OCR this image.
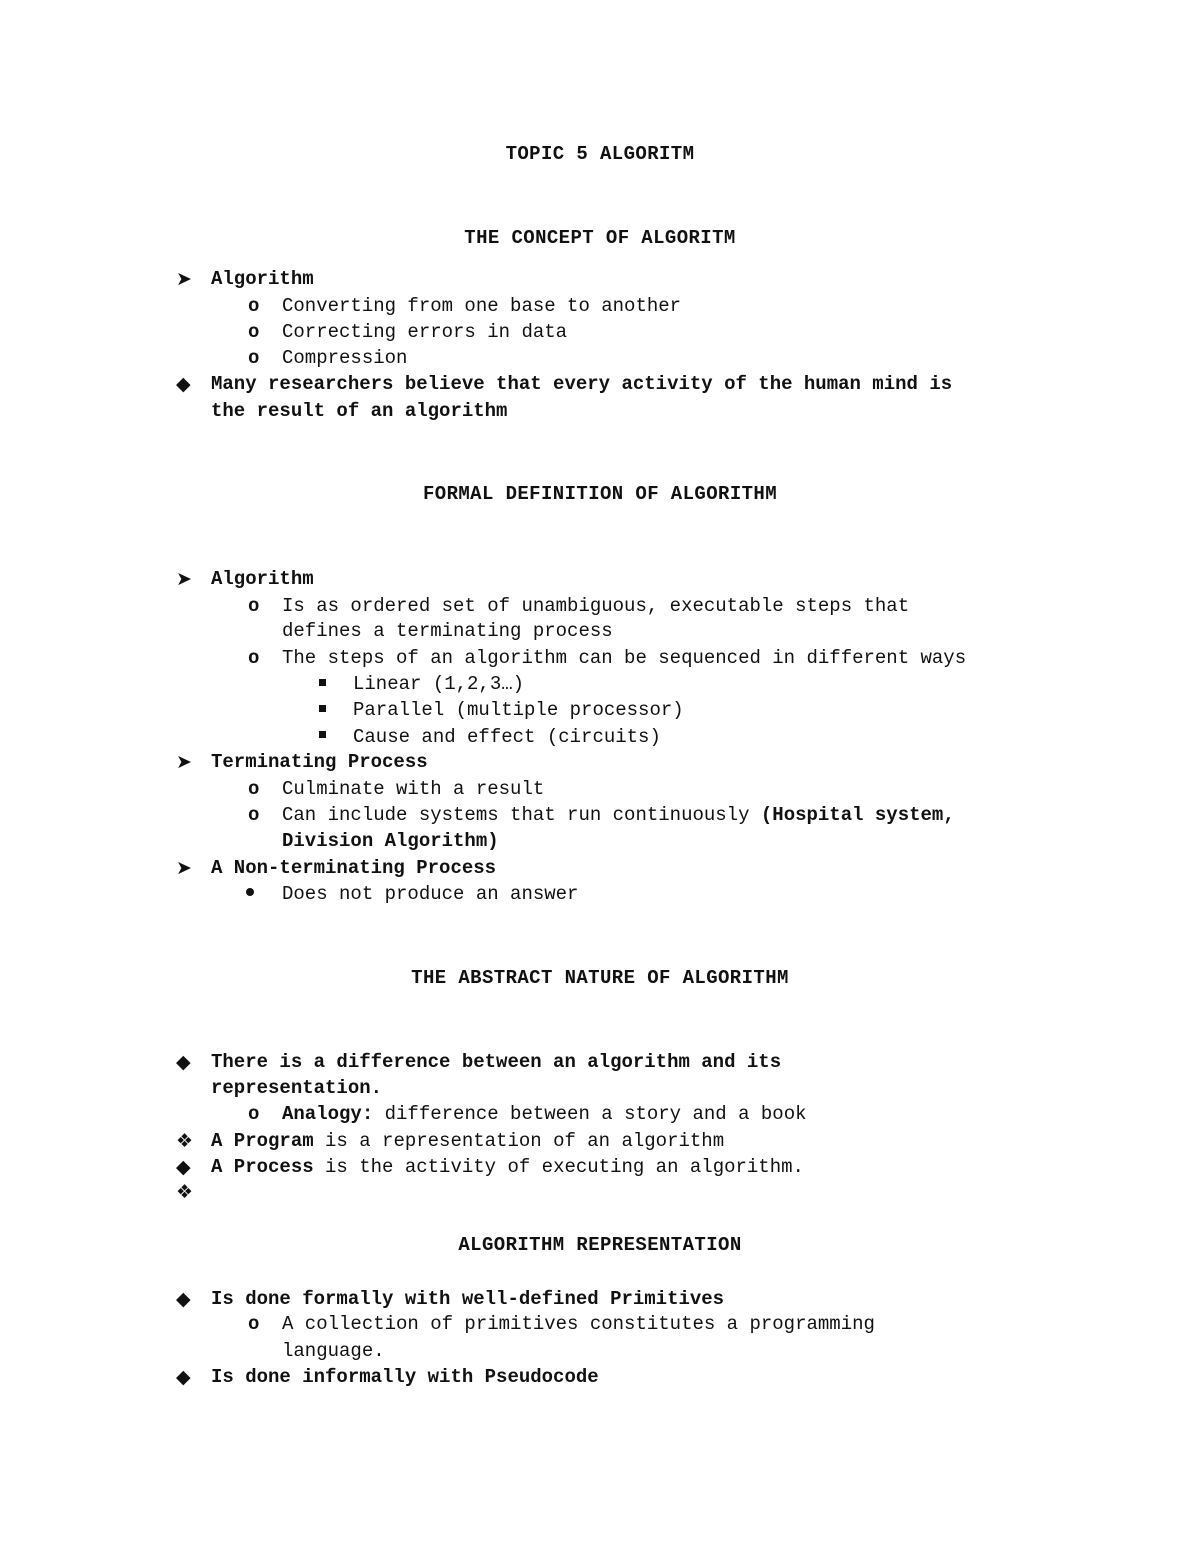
TOPIC 5 ALGORITM
THE CONCEPT OF ALGORITM
➤ Algorithm
o Converting from one base to another
o Correcting errors in data
o Compression
◆ Many researchers believe that every activity of the human mind is
the result of an algorithm
FORMAL DEFINITION OF ALGORITHM
➤ Algorithm
o Is as ordered set of unambiguous, executable steps that
defines a terminating process
o The steps of an algorithm can be sequenced in different ways
Linear (1,2,3…)
Parallel (multiple processor)
Cause and effect (circuits)
➤ Terminating Process
o Culminate with a result
o Can include systems that run continuously (Hospital system,
Division Algorithm)
➤ A Non-terminating Process
Does not produce an answer
THE ABSTRACT NATURE OF ALGORITHM
◆ There is a difference between an algorithm and its
representation.
o Analogy: difference between a story and a book
❖ A Program is a representation of an algorithm
◆ A Process is the activity of executing an algorithm.
❖
ALGORITHM REPRESENTATION
◆ Is done formally with well-defined Primitives
o A collection of primitives constitutes a programming
language.
◆ Is done informally with Pseudocode
